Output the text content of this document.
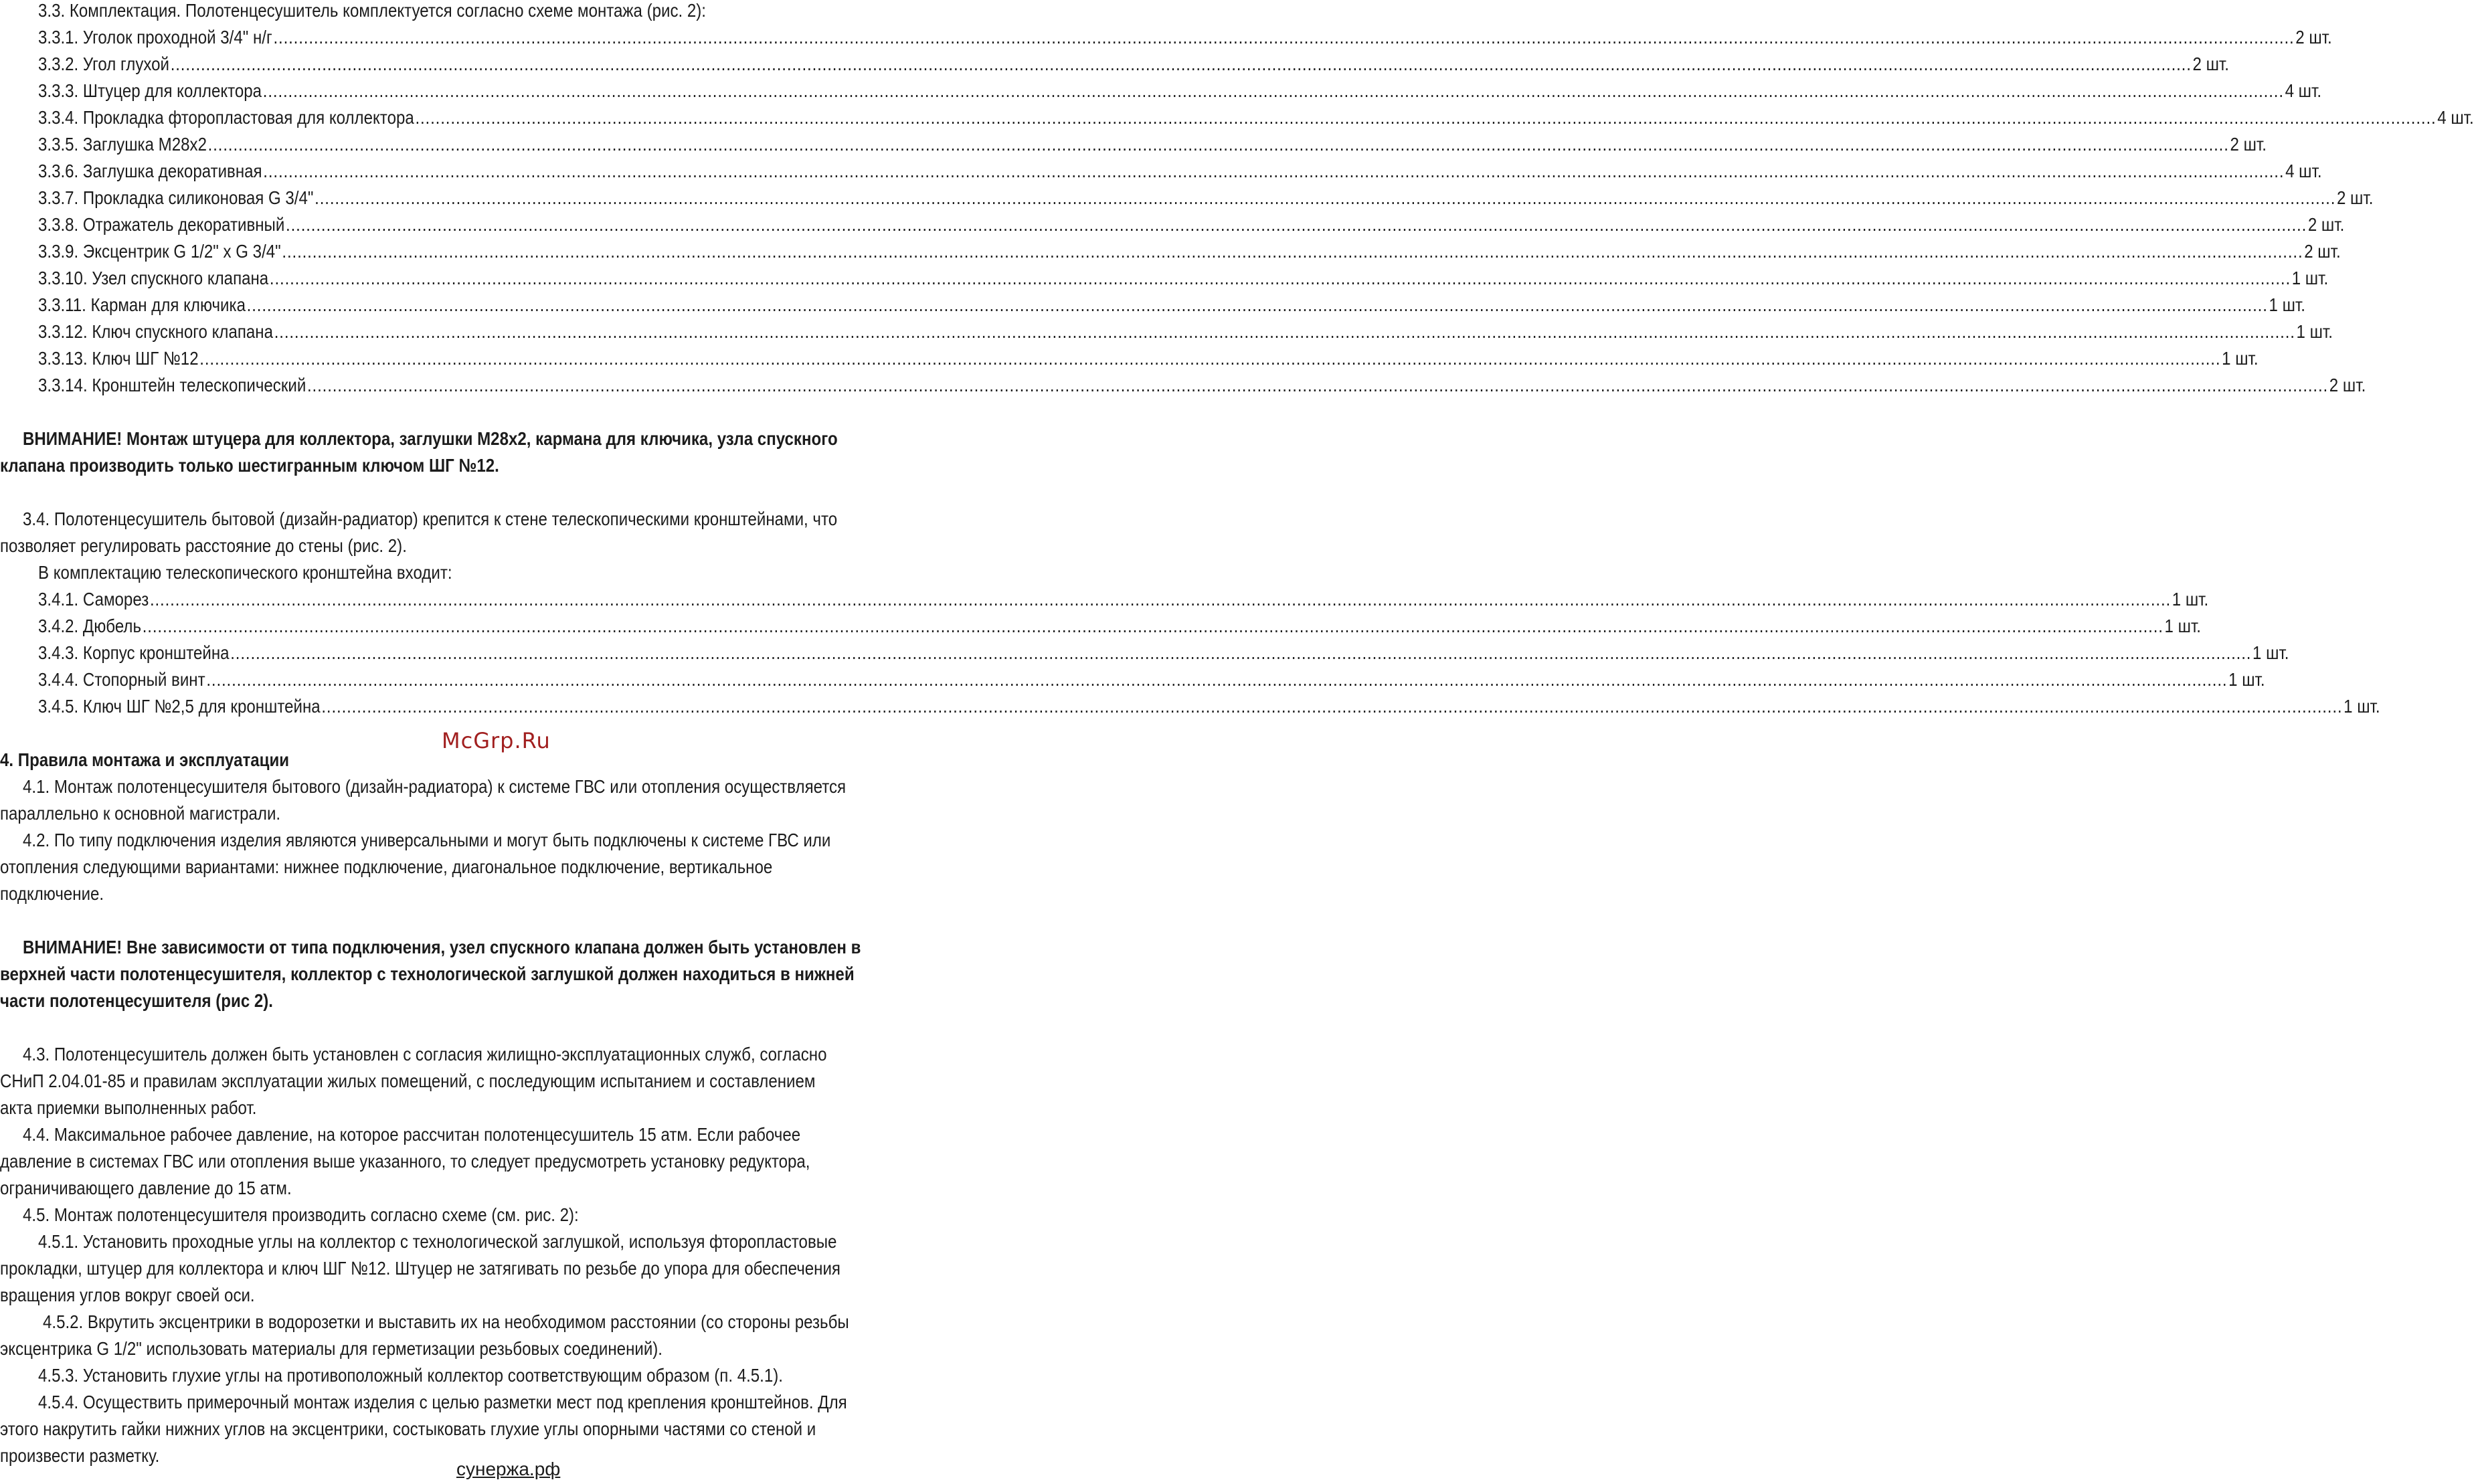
3.3. Комплектация. Полотенцесушитель комплектуется согласно схеме монтажа (рис. 2):
3.3.1. Уголок проходной 3/4" н/г ................................................................................................................................................................................................................................................................................................................................................................................................................ 2 шт.
3.3.2. Угол глухой ................................................................................................................................................................................................................................................................................................................................................................................................................ 2 шт.
3.3.3. Штуцер для коллектора ................................................................................................................................................................................................................................................................................................................................................................................................................ 4 шт.
3.3.4. Прокладка фторопластовая для коллектора ................................................................................................................................................................................................................................................................................................................................................................................................................ 4 шт.
3.3.5. Заглушка М28х2 ................................................................................................................................................................................................................................................................................................................................................................................................................ 2 шт.
3.3.6. Заглушка декоративная ................................................................................................................................................................................................................................................................................................................................................................................................................ 4 шт.
3.3.7. Прокладка силиконовая G 3/4" ................................................................................................................................................................................................................................................................................................................................................................................................................ 2 шт.
3.3.8. Отражатель декоративный ................................................................................................................................................................................................................................................................................................................................................................................................................ 2 шт.
3.3.9. Эксцентрик G 1/2" х G 3/4" ................................................................................................................................................................................................................................................................................................................................................................................................................ 2 шт.
3.3.10. Узел спускного клапана ................................................................................................................................................................................................................................................................................................................................................................................................................ 1 шт.
3.3.11. Карман для ключика ................................................................................................................................................................................................................................................................................................................................................................................................................ 1 шт.
3.3.12. Ключ спускного клапана ................................................................................................................................................................................................................................................................................................................................................................................................................ 1 шт.
3.3.13. Ключ ШГ №12 ................................................................................................................................................................................................................................................................................................................................................................................................................ 1 шт.
3.3.14. Кронштейн телескопический ................................................................................................................................................................................................................................................................................................................................................................................................................ 2 шт.
ВНИМАНИЕ! Монтаж штуцера для коллектора, заглушки М28х2, кармана для ключика, узла спускного
клапана производить только шестигранным ключом ШГ №12.
3.4. Полотенцесушитель бытовой (дизайн-радиатор) крепится к стене телескопическими кронштейнами, что
позволяет регулировать расстояние до стены (рис. 2).
В комплектацию телескопического кронштейна входит:
3.4.1. Саморез ................................................................................................................................................................................................................................................................................................................................................................................................................ 1 шт.
3.4.2. Дюбель ................................................................................................................................................................................................................................................................................................................................................................................................................ 1 шт.
3.4.3. Корпус кронштейна ................................................................................................................................................................................................................................................................................................................................................................................................................ 1 шт.
3.4.4. Стопорный винт ................................................................................................................................................................................................................................................................................................................................................................................................................ 1 шт.
3.4.5. Ключ ШГ №2,5 для кронштейна ................................................................................................................................................................................................................................................................................................................................................................................................................ 1 шт.
McGrp.Ru
4. Правила монтажа и эксплуатации
4.1. Монтаж полотенцесушителя бытового (дизайн-радиатора) к системе ГВС или отопления осуществляется
параллельно к основной магистрали.
4.2. По типу подключения изделия являются универсальными и могут быть подключены к системе ГВС или
отопления следующими вариантами: нижнее подключение, диагональное подключение, вертикальное
подключение.
ВНИМАНИЕ! Вне зависимости от типа подключения, узел спускного клапана должен быть установлен в
верхней части полотенцесушителя, коллектор с технологической заглушкой должен находиться в нижней
части полотенцесушителя (рис 2).
4.3. Полотенцесушитель должен быть установлен с согласия жилищно-эксплуатационных служб, согласно
СНиП 2.04.01-85 и правилам эксплуатации жилых помещений, с последующим испытанием и составлением
акта приемки выполненных работ.
4.4. Максимальное рабочее давление, на которое рассчитан полотенцесушитель 15 атм. Если рабочее
давление в системах ГВС или отопления выше указанного, то следует предусмотреть установку редуктора,
ограничивающего давление до 15 атм.
4.5. Монтаж полотенцесушителя производить согласно схеме (см. рис. 2):
4.5.1. Установить проходные углы на коллектор с технологической заглушкой, используя фторопластовые
прокладки, штуцер для коллектора и ключ ШГ №12. Штуцер не затягивать по резьбе до упора для обеспечения
вращения углов вокруг своей оси.
4.5.2. Вкрутить эксцентрики в водорозетки и выставить их на необходимом расстоянии (со стороны резьбы
эксцентрика G 1/2" использовать материалы для герметизации резьбовых соединений).
4.5.3. Установить глухие углы на противоположный коллектор соответствующим образом (п. 4.5.1).
4.5.4. Осуществить примерочный монтаж изделия с целью разметки мест под крепления кронштейнов. Для
этого накрутить гайки нижних углов на эксцентрики, состыковать глухие углы опорными частями со стеной и
произвести разметку.
сунержа.рф
